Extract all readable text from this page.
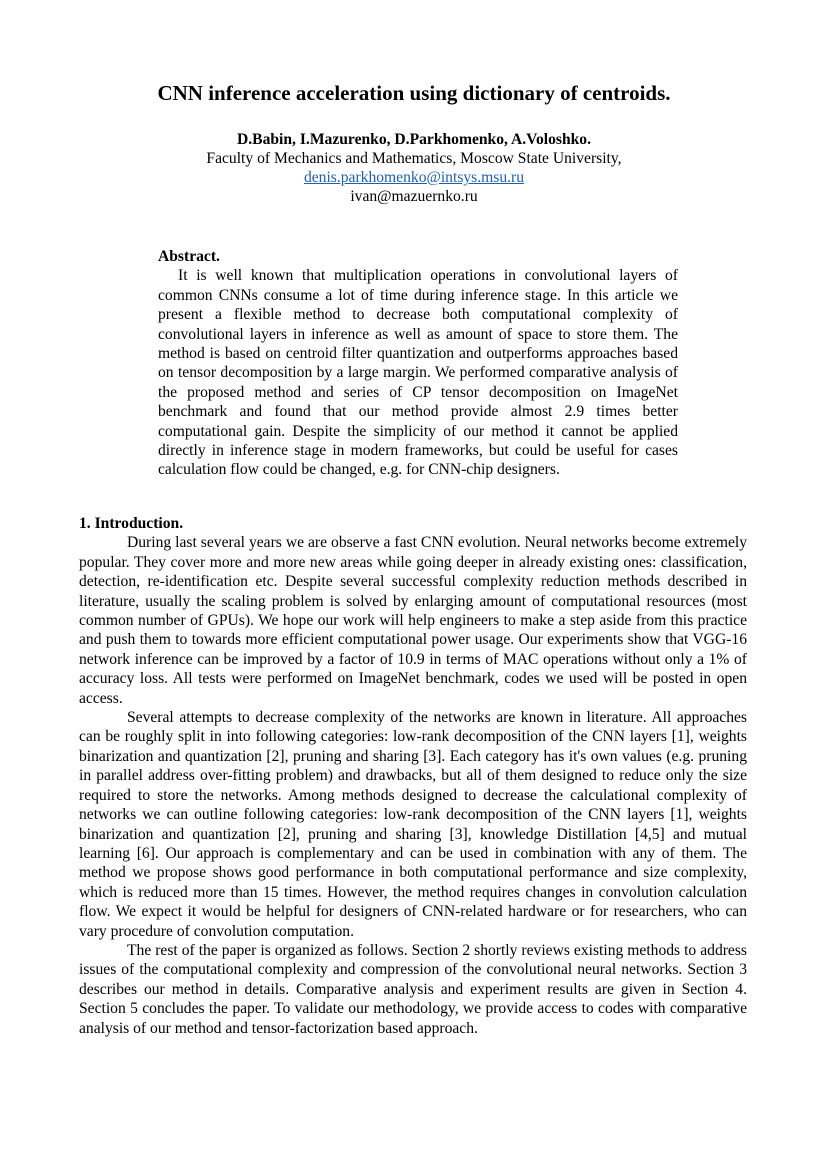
CNN inference acceleration using dictionary of centroids.
D.Babin, I.Mazurenko, D.Parkhomenko, A.Voloshko.
Faculty of Mechanics and Mathematics, Moscow State University,
denis.parkhomenko@intsys.msu.ru
ivan@mazuernko.ru
Abstract.

It is well known that multiplication operations in convolutional layers of common CNNs consume a lot of time during inference stage. In this article we present a flexible method to decrease both computational complexity of convolutional layers in inference as well as amount of space to store them. The method is based on centroid filter quantization and outperforms approaches based on tensor decomposition by a large margin. We performed comparative analysis of the proposed method and series of CP tensor decomposition on ImageNet benchmark and found that our method provide almost 2.9 times better computational gain. Despite the simplicity of our method it cannot be applied directly in inference stage in modern frameworks, but could be useful for cases calculation flow could be changed, e.g. for CNN-chip designers.

1. Introduction.

During last several years we are observe a fast CNN evolution. Neural networks become extremely popular. They cover more and more new areas while going deeper in already existing ones: classification, detection, re-identification etc. Despite several successful complexity reduction methods described in literature, usually the scaling problem is solved by enlarging amount of computational resources (most common number of GPUs). We hope our work will help engineers to make a step aside from this practice and push them to towards more efficient computational power usage. Our experiments show that VGG-16 network inference can be improved by a factor of 10.9 in terms of MAC operations without only a 1% of accuracy loss. All tests were performed on ImageNet benchmark, codes we used will be posted in open access.

Several attempts to decrease complexity of the networks are known in literature. All approaches can be roughly split in into following categories: low-rank decomposition of the CNN layers [1], weights binarization and quantization [2], pruning and sharing [3]. Each category has it's own values (e.g. pruning in parallel address over-fitting problem) and drawbacks, but all of them designed to reduce only the size required to store the networks. Among methods designed to decrease the calculational complexity of networks we can outline following categories: low-rank decomposition of the CNN layers [1], weights binarization and quantization [2], pruning and sharing [3], knowledge Distillation [4,5] and mutual learning [6]. Our approach is complementary and can be used in combination with any of them. The method we propose shows good performance in both computational performance and size complexity, which is reduced more than 15 times. However, the method requires changes in convolution calculation flow. We expect it would be helpful for designers of CNN-related hardware or for researchers, who can vary procedure of convolution computation.

The rest of the paper is organized as follows. Section 2 shortly reviews existing methods to address issues of the computational complexity and compression of the convolutional neural networks. Section 3 describes our method in details. Comparative analysis and experiment results are given in Section 4. Section 5 concludes the paper. To validate our methodology, we provide access to codes with comparative analysis of our method and tensor-factorization based approach.
